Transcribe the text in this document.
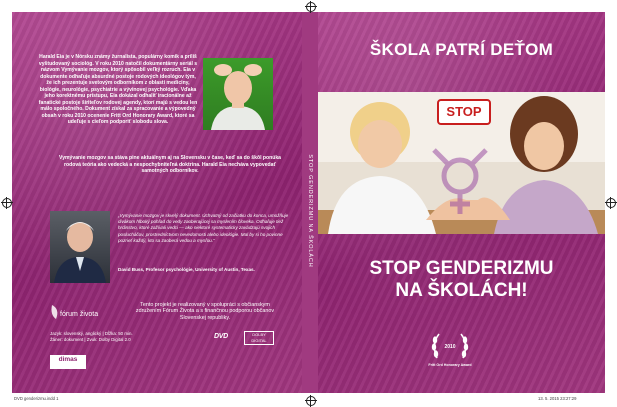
STOP GENDERIZMU NA ŠKOLÁCH
Harald Eia je v Nórsku známy žurnalista, populárny komik a príliš vyštudovaný sociológ. V roku 2010 natočil dokumentárny seriál s názvom Vymývanie mozgov, ktorý spôsobil veľký rozruch. Eia v dokumente odhaľuje absurdné postoje rodových ideológov tým, že ich prezentuje svetovým odborníkom z oblasti mediciny, biológie, neurológie, psychiatrie a vývinovej psychológie. Vďaka jeho korektnému prístupu, Eia dokázal odhaliť iracionálne až fanatické postoje šíriteľov rodovej agendy, ktorí majú s vedou len málo spoločného. Dokument získal za spracovanie a výpovedný obsah v roku 2010 ocenenie Fritt Ord Honorary Award, ktoré sa udeľuje s cieľom podporiť slobodu slova.
Vymývanie mozgov sa stáva pine aktuálnym aj na Slovensku v čase, keď sa do škôl ponúka rodová teória ako vedecká a nespochybniteľná doktrína. Harald Eia necháva vypovedať samotných odborníkov.
„Vymývanie mozgov je skvelý dokument. Úchvatný od začiatku do konca, umožňuje divákom hlboký pohľad do vedy zaoberajúcej sa myslením človeka. Odhaľuje tiež hrdinstvo, ktoré zažívali vedci — ako niektoré systematicky zavádzajú svojich poslucháčov, prostredníctvom nevedomosti alebo ideológie. Mal by si ho povinne pozrieť každý, kto sa zaoberá vedou a mysľou.“
David Buss, Profesor psychológie, University of Austin, Texas.
fórum života
Tento projekt je realizovaný v spolupráci s občianskym združením Fórum Života a s finančnou podporou občanov Slovenskej republiky.
Jazyk: slovenský, anglický | Dĺžka: 50 min.
Žáner: dokument | Zvuk: Dolby Digital 2.0	DVD	DOLBY DIGITAL
dimas
ŠKOLA PATRÍ DEŤOM
STOP
STOP GENDERIZMU
NA ŠKOLÁCH!
2010
Fritt Ord Honorary Award
DVD genderizmu.indd 1	13. 5. 2015 23:27:29
